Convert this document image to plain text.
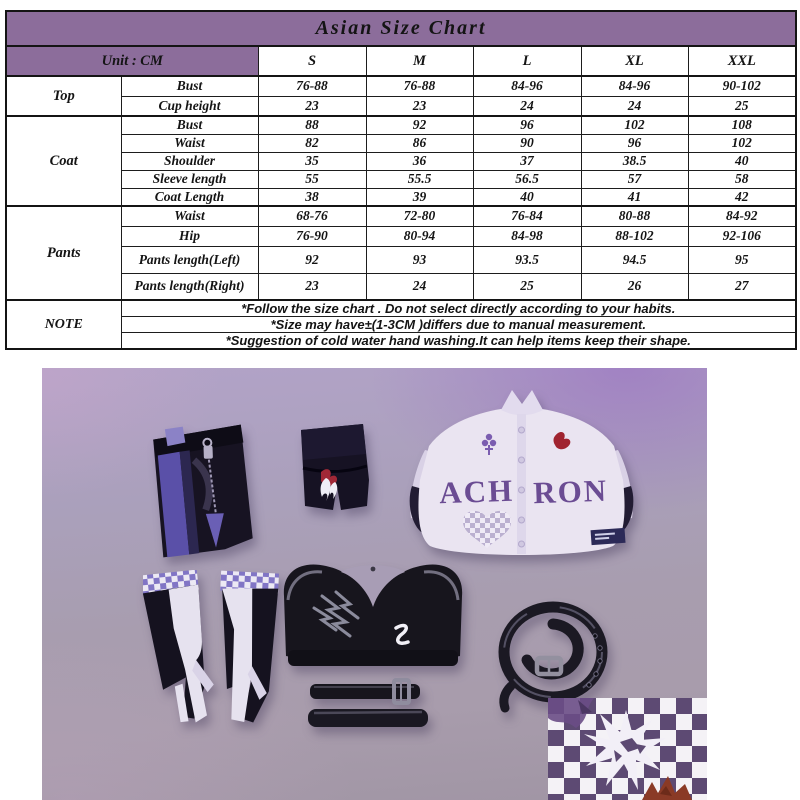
Asian Size Chart						
Unit : CM		S	M	L	XL	XXL
Top	Bust	76-88	76-88	84-96	84-96	90-102
	Cup height	23	23	24	24	25
Coat	Bust	88	92	96	102	108
	Waist	82	86	90	96	102
	Shoulder	35	36	37	38.5	40
	Sleeve length	55	55.5	56.5	57	58
	Coat Length	38	39	40	41	42
Pants	Waist	68-76	72-80	76-84	80-88	84-92
	Hip	76-90	80-94	84-98	88-102	92-106
	Pants length(Left)	92	93	93.5	94.5	95
	Pants length(Right)	23	24	25	26	27
NOTE	*Follow the size chart . Do not select directly according to your habits.					
	*Size may have±(1-3CM )differs due to manual measurement.					
	*Suggestion of cold water hand washing.It can help items keep their shape.					
ACH RON
